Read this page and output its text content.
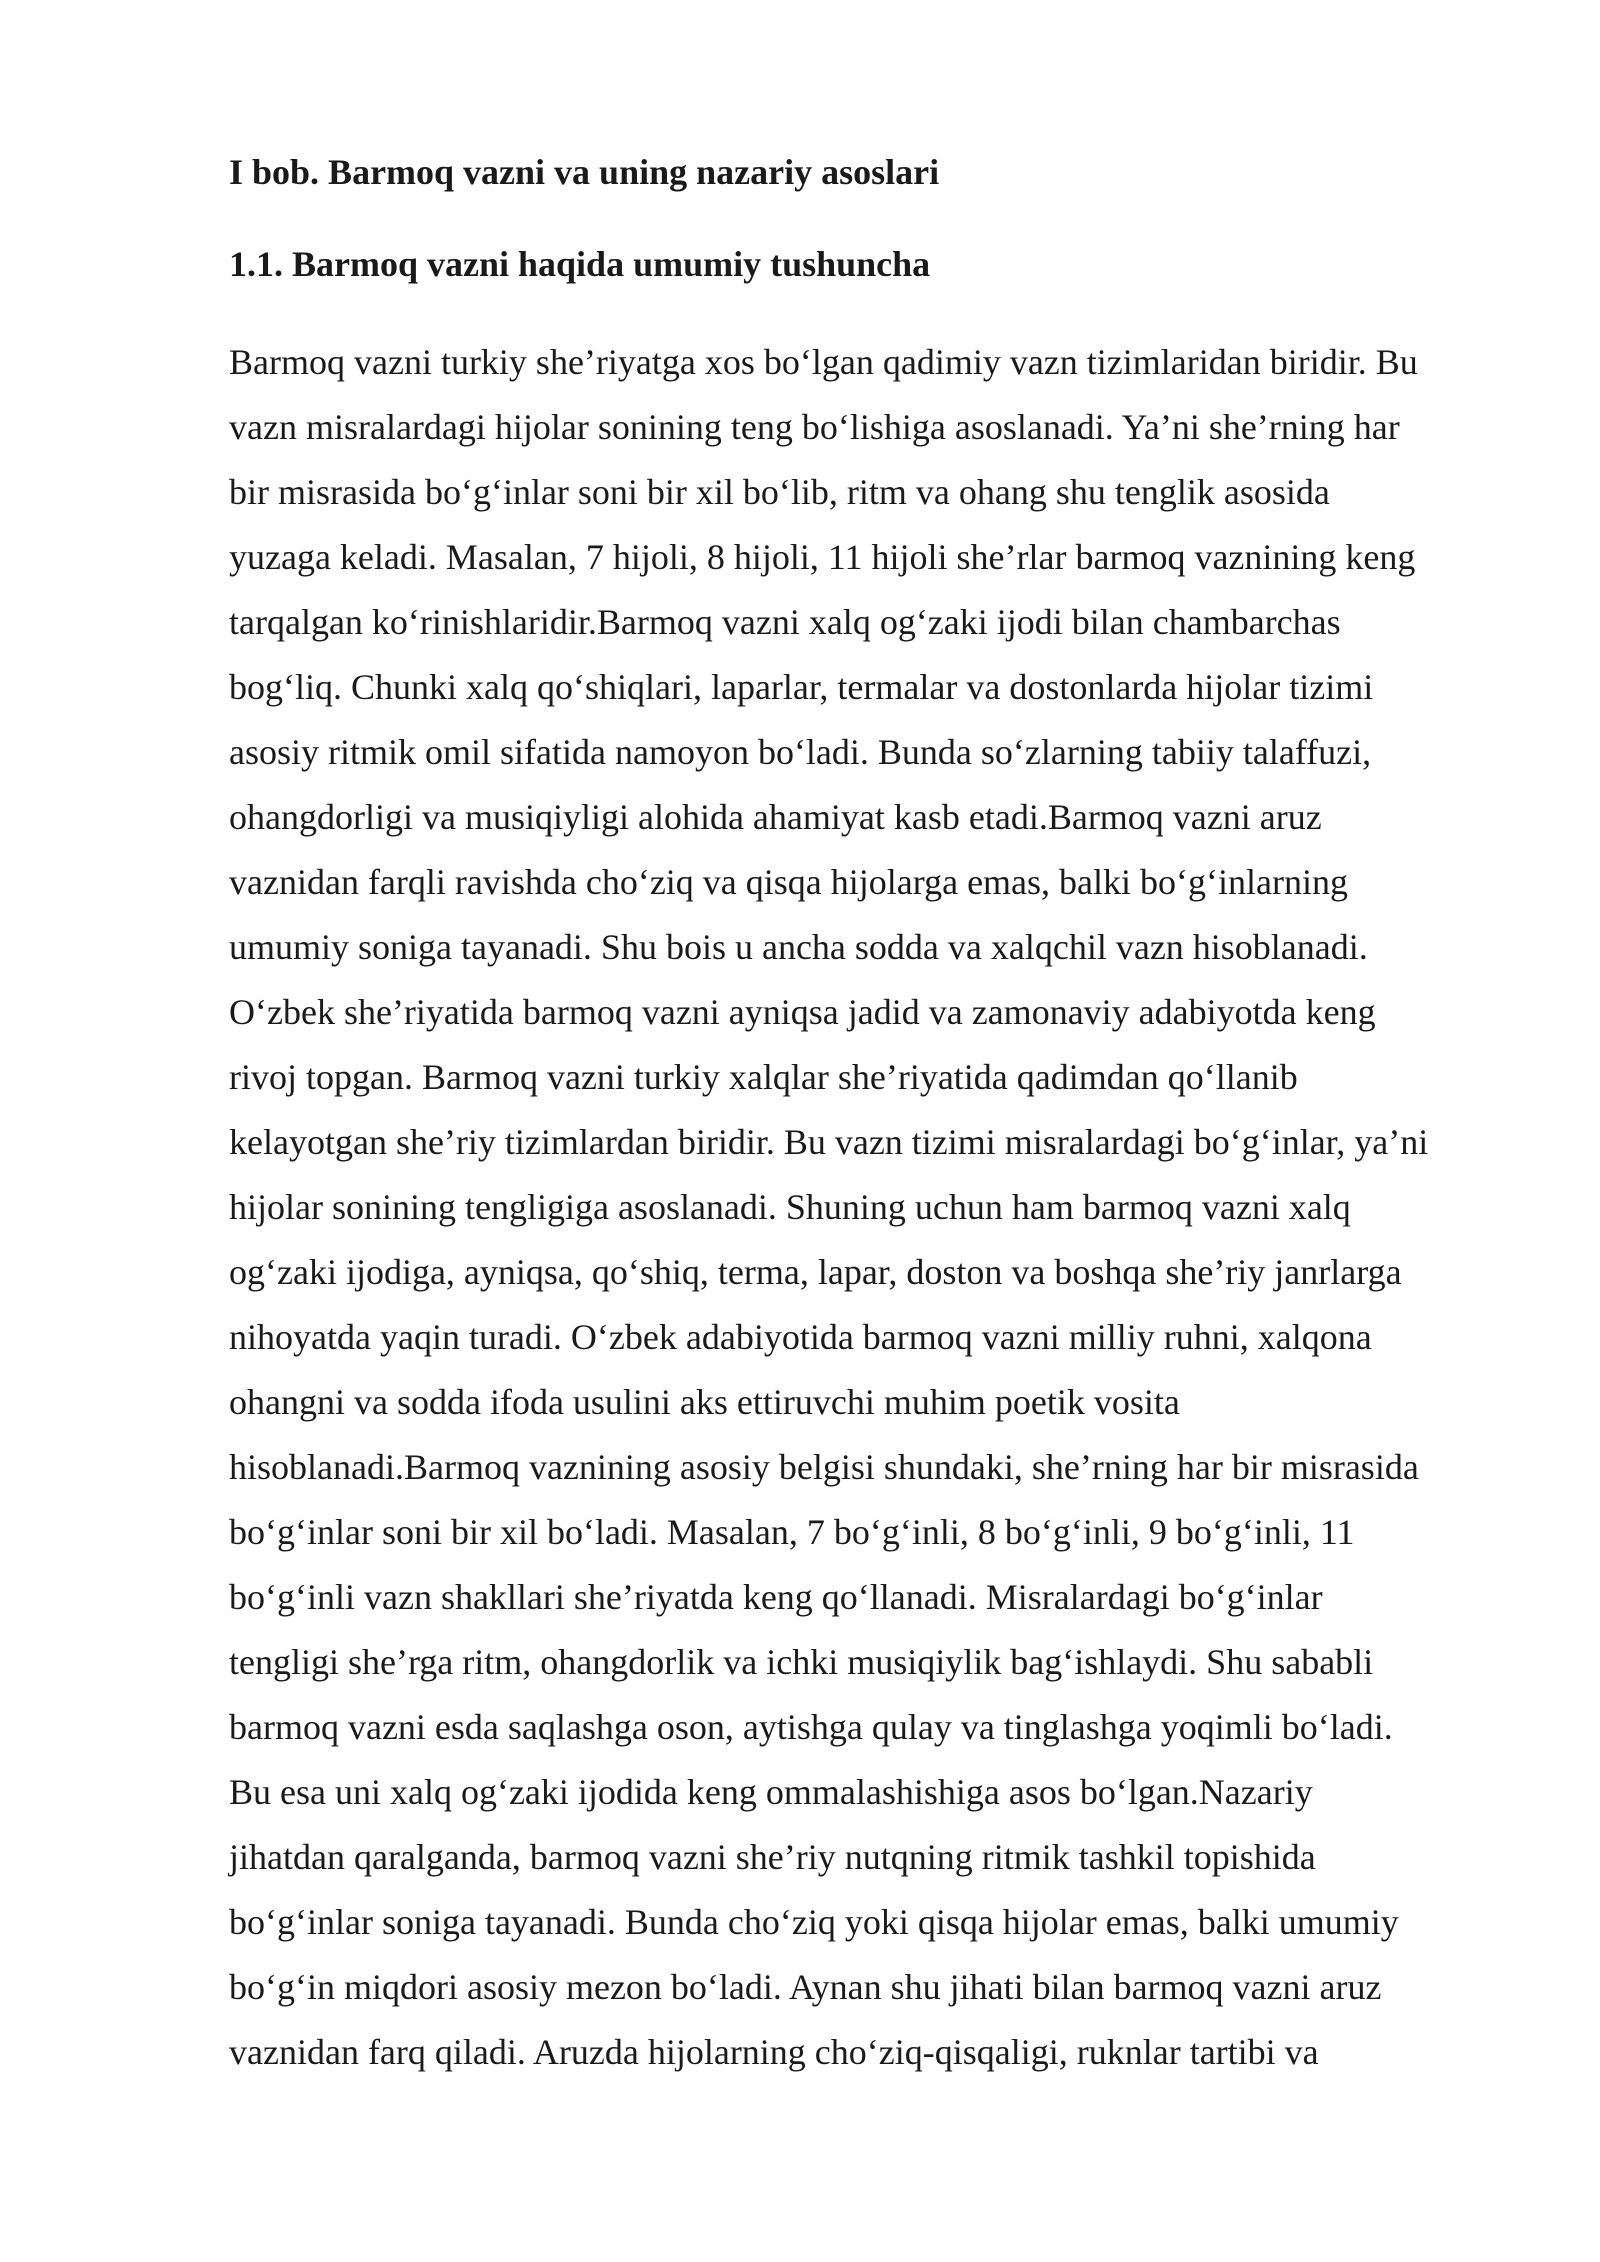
I bob. Barmoq vazni va uning nazariy asoslari
1.1. Barmoq vazni haqida umumiy tushuncha
Barmoq vazni turkiy she’riyatga xos bo‘lgan qadimiy vazn tizimlaridan biridir. Bu
vazn misralardagi hijolar sonining teng bo‘lishiga asoslanadi. Ya’ni she’rning har
bir misrasida bo‘g‘inlar soni bir xil bo‘lib, ritm va ohang shu tenglik asosida
yuzaga keladi. Masalan, 7 hijoli, 8 hijoli, 11 hijoli she’rlar barmoq vaznining keng
tarqalgan ko‘rinishlaridir.Barmoq vazni xalq og‘zaki ijodi bilan chambarchas
bog‘liq. Chunki xalq qo‘shiqlari, laparlar, termalar va dostonlarda hijolar tizimi
asosiy ritmik omil sifatida namoyon bo‘ladi. Bunda so‘zlarning tabiiy talaffuzi,
ohangdorligi va musiqiyligi alohida ahamiyat kasb etadi.Barmoq vazni aruz
vaznidan farqli ravishda cho‘ziq va qisqa hijolarga emas, balki bo‘g‘inlarning
umumiy soniga tayanadi. Shu bois u ancha sodda va xalqchil vazn hisoblanadi.
O‘zbek she’riyatida barmoq vazni ayniqsa jadid va zamonaviy adabiyotda keng
rivoj topgan. Barmoq vazni turkiy xalqlar she’riyatida qadimdan qo‘llanib
kelayotgan she’riy tizimlardan biridir. Bu vazn tizimi misralardagi bo‘g‘inlar, ya’ni
hijolar sonining tengligiga asoslanadi. Shuning uchun ham barmoq vazni xalq
og‘zaki ijodiga, ayniqsa, qo‘shiq, terma, lapar, doston va boshqa she’riy janrlarga
nihoyatda yaqin turadi. O‘zbek adabiyotida barmoq vazni milliy ruhni, xalqona
ohangni va sodda ifoda usulini aks ettiruvchi muhim poetik vosita
hisoblanadi.Barmoq vaznining asosiy belgisi shundaki, she’rning har bir misrasida
bo‘g‘inlar soni bir xil bo‘ladi. Masalan, 7 bo‘g‘inli, 8 bo‘g‘inli, 9 bo‘g‘inli, 11
bo‘g‘inli vazn shakllari she’riyatda keng qo‘llanadi. Misralardagi bo‘g‘inlar
tengligi she’rga ritm, ohangdorlik va ichki musiqiylik bag‘ishlaydi. Shu sababli
barmoq vazni esda saqlashga oson, aytishga qulay va tinglashga yoqimli bo‘ladi.
Bu esa uni xalq og‘zaki ijodida keng ommalashishiga asos bo‘lgan.Nazariy
jihatdan qaralganda, barmoq vazni she’riy nutqning ritmik tashkil topishida
bo‘g‘inlar soniga tayanadi. Bunda cho‘ziq yoki qisqa hijolar emas, balki umumiy
bo‘g‘in miqdori asosiy mezon bo‘ladi. Aynan shu jihati bilan barmoq vazni aruz
vaznidan farq qiladi. Aruzda hijolarning cho‘ziq-qisqaligi, ruknlar tartibi va
